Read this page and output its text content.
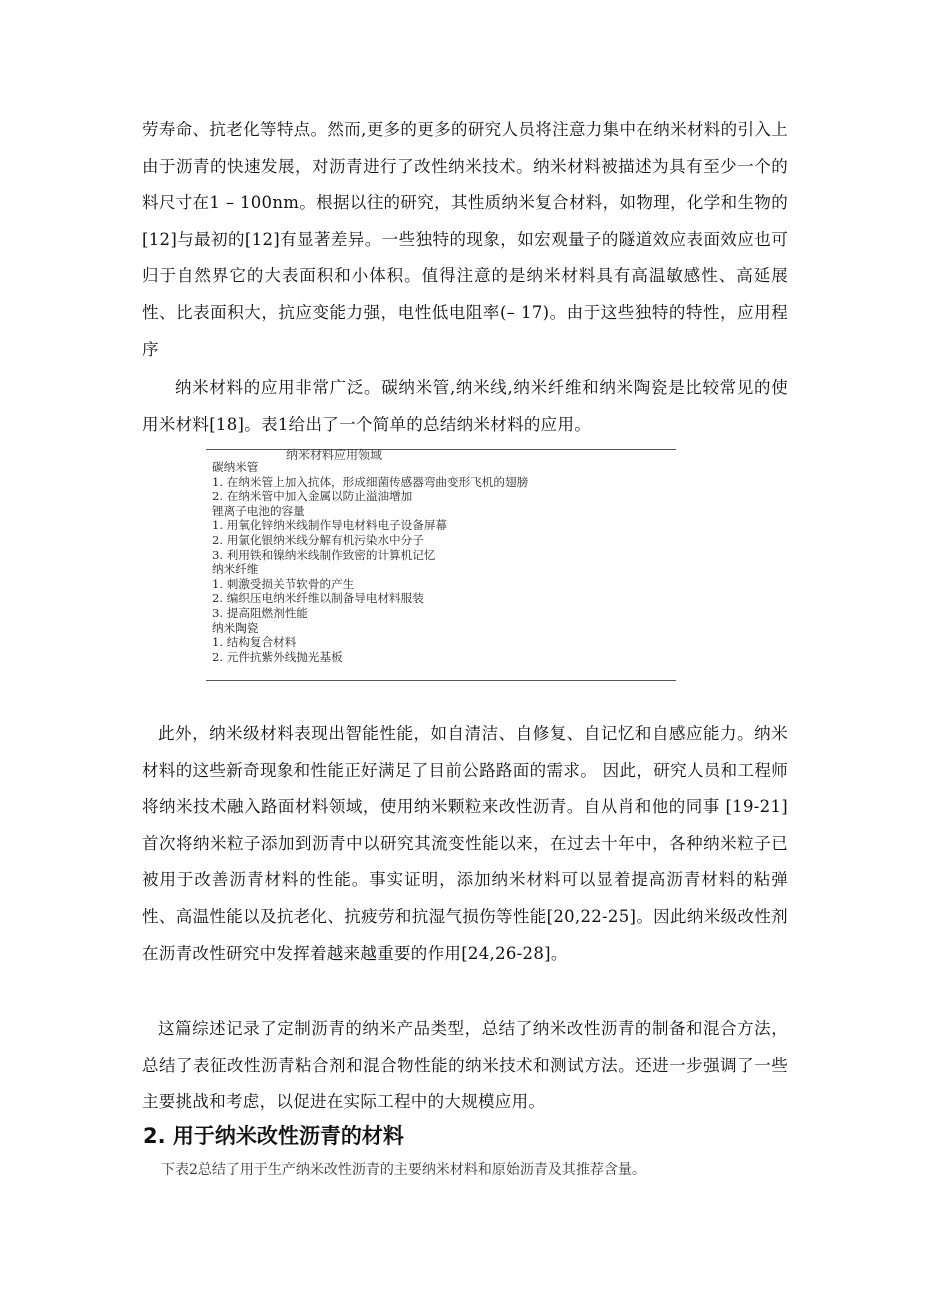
劳寿命、抗老化等特点。然而,更多的更多的研究人员将注意力集中在纳米材料的引入上由于沥青的快速发展，对沥青进行了改性纳米技术。纳米材料被描述为具有至少一个的料尺寸在1 – 100nm。根据以往的研究，其性质纳米复合材料，如物理，化学和生物的[12]与最初的[12]有显著差异。一些独特的现象，如宏观量子的隧道效应表面效应也可归于自然界它的大表面积和小体积。值得注意的是纳米材料具有高温敏感性、高延展性、比表面积大，抗应变能力强，电性低电阻率(– 17)。由于这些独特的特性，应用程序

纳米材料的应用非常广泛。碳纳米管,纳米线,纳米纤维和纳米陶瓷是比较常见的使用米材料[18]。表1给出了一个简单的总结纳米材料的应用。

纳米材料应用领域
碳纳米管
1. 在纳米管上加入抗体，形成细菌传感器弯曲变形飞机的翅膀
2. 在纳米管中加入金属以防止溢油增加
锂离子电池的容量
1. 用氧化锌纳米线制作导电材料电子设备屏幕
2. 用氯化银纳米线分解有机污染水中分子
3. 利用铁和镍纳米线制作致密的计算机记忆
纳米纤维
1. 刺激受损关节软骨的产生
2. 编织压电纳米纤维以制备导电材料服装
3. 提高阻燃剂性能
纳米陶瓷
1. 结构复合材料
2. 元件抗紫外线抛光基板

此外，纳米级材料表现出智能性能，如自清洁、自修复、自记忆和自感应能力。纳米材料的这些新奇现象和性能正好满足了目前公路路面的需求。 因此，研究人员和工程师将纳米技术融入路面材料领域，使用纳米颗粒来改性沥青。自从肖和他的同事 [19-21] 首次将纳米粒子添加到沥青中以研究其流变性能以来，在过去十年中，各种纳米粒子已被用于改善沥青材料的性能。事实证明，添加纳米材料可以显着提高沥青材料的粘弹性、高温性能以及抗老化、抗疲劳和抗湿气损伤等性能[20,22-25]。因此纳米级改性剂在沥青改性研究中发挥着越来越重要的作用[24,26-28]。

这篇综述记录了定制沥青的纳米产品类型，总结了纳米改性沥青的制备和混合方法，总结了表征改性沥青粘合剂和混合物性能的纳米技术和测试方法。还进一步强调了一些主要挑战和考虑，以促进在实际工程中的大规模应用。

2. 用于纳米改性沥青的材料

下表2总结了用于生产纳米改性沥青的主要纳米材料和原始沥青及其推荐含量。
